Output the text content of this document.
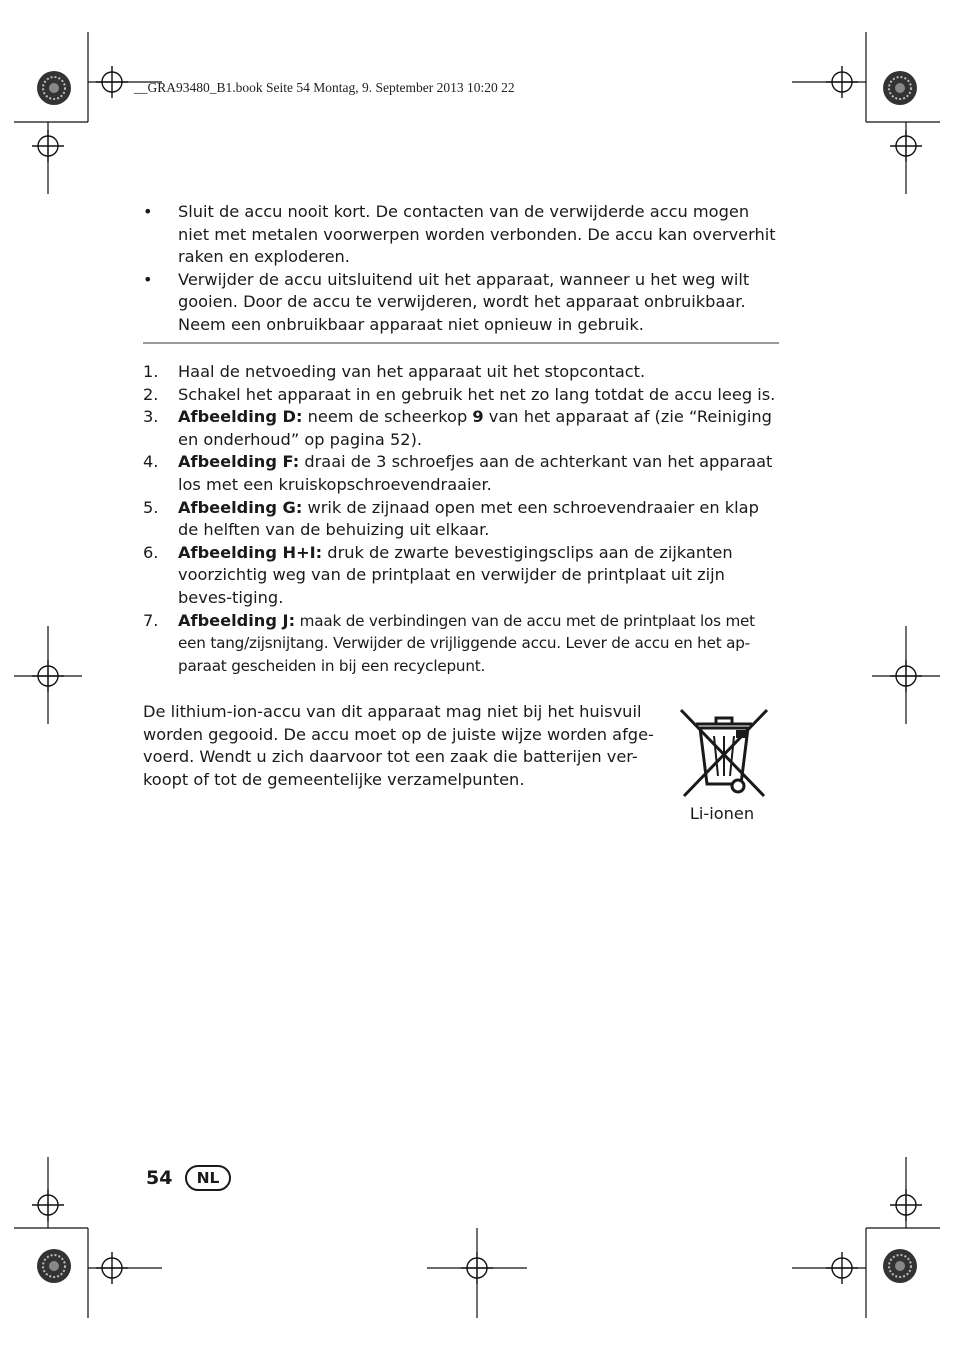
__GRA93480_B1.book Seite 54 Montag, 9. September 2013 10:20 22
• Sluit de accu nooit kort. De contacten van de verwijderde accu mogen niet met metalen voorwerpen worden verbonden. De accu kan oververhit raken en exploderen.
• Verwijder de accu uitsluitend uit het apparaat, wanneer u het weg wilt gooien. Door de accu te verwijderen, wordt het apparaat onbruikbaar. Neem een onbruikbaar apparaat niet opnieuw in gebruik.
1. Haal de netvoeding van het apparaat uit het stopcontact.
2. Schakel het apparaat in en gebruik het net zo lang totdat de accu leeg is.
3. Afbeelding D: neem de scheerkop 9 van het apparaat af (zie “Reiniging en onderhoud” op pagina 52).
4. Afbeelding F: draai de 3 schroefjes aan de achterkant van het apparaat los met een kruiskopschroevendraaier.
5. Afbeelding G: wrik de zijnaad open met een schroevendraaier en klap de helften van de behuizing uit elkaar.
6. Afbeelding H+I: druk de zwarte bevestigingsclips aan de zijkanten voorzichtig weg van de printplaat en verwijder de printplaat uit zijn beves-tiging.
7. Afbeelding J: maak de verbindingen van de accu met de printplaat los met een tang/zijsnijtang. Verwijder de vrijliggende accu. Lever de accu en het ap-paraat gescheiden in bij een recyclepunt.
De lithium-ion-accu van dit apparaat mag niet bij het huisvuil worden gegooid. De accu moet op de juiste wijze worden afge-voerd. Wendt u zich daarvoor tot een zaak die batterijen ver-koopt of tot de gemeentelijke verzamelpunten.
Li-ionen
54	NL
